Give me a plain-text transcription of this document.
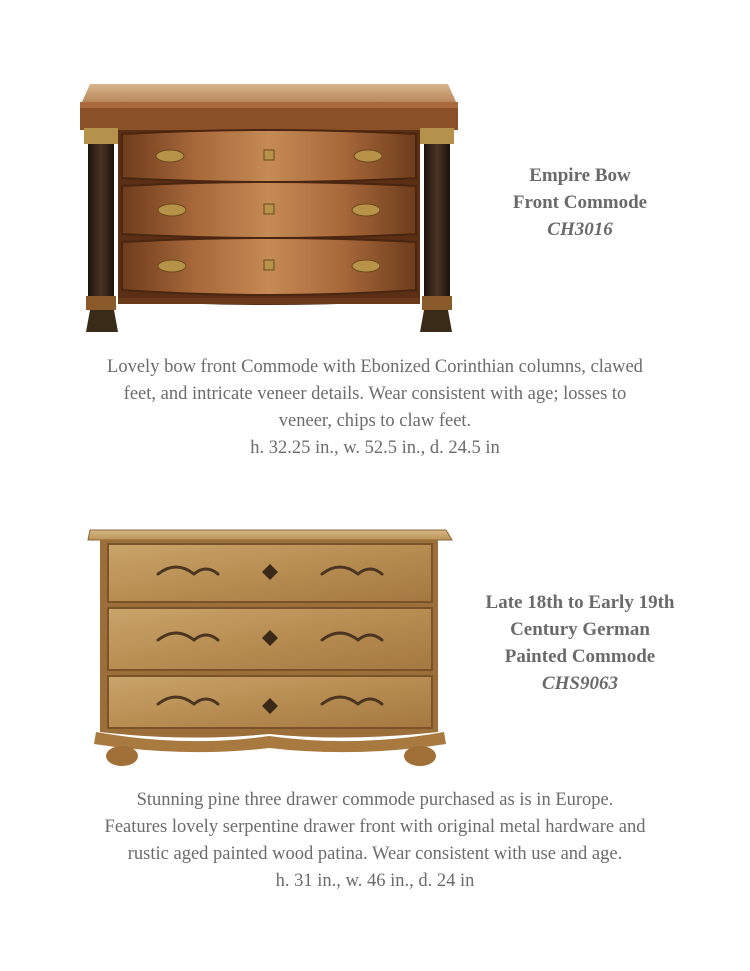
Empire Bow
Front Commode
CH3016
Lovely bow front Commode with Ebonized Corinthian columns, clawed
feet, and intricate veneer details. Wear consistent with age; losses to
veneer, chips to claw feet.
h. 32.25 in., w. 52.5 in., d. 24.5 in
Late 18th to Early 19th
Century German
Painted Commode
CHS9063
Stunning pine three drawer commode purchased as is in Europe.
Features lovely serpentine drawer front with original metal hardware and
rustic aged painted wood patina. Wear consistent with use and age.
h. 31 in., w. 46 in., d. 24 in
